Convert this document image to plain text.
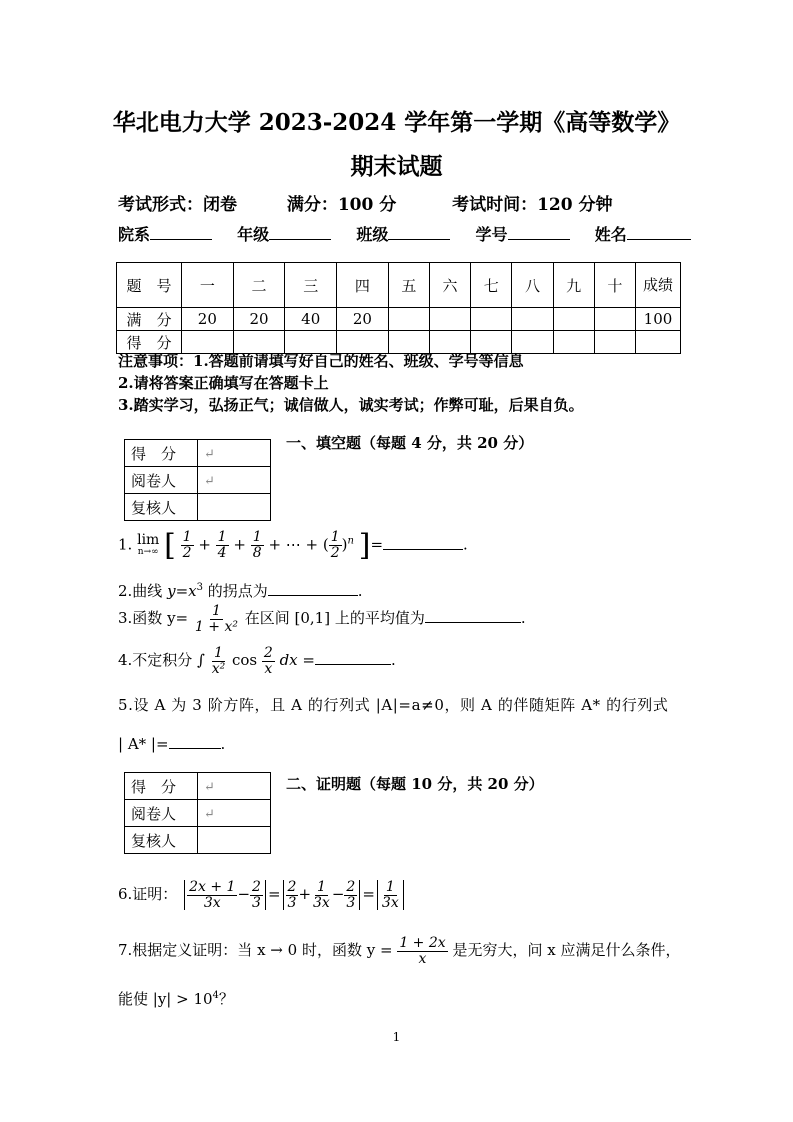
华北电力大学 2023-2024 学年第一学期《高等数学》
期末试题
考试形式：闭卷	满分：100 分	考试时间：120 分钟
院系	年级	班级	学号	姓名
题　号	一	二	三	四	五	六	七	八	九	十	成绩
满　分	20	20	40	20							100
得　分											
注意事项：1.答题前请填写好自己的姓名、班级、学号等信息
2.请将答案正确填写在答题卡上
3.踏实学习，弘扬正气；诚信做人，诚实考试；作弊可耻，后果自负。
得　分	↵
阅卷人	↵
复核人	
一、填空题（每题 4 分，共 20 分）
1. lim
n→∞ [ $\frac{1}{2} + \frac{1}{4} + \frac{1}{8}$ + ⋯ + ( $\frac{1}{2} )^n$ ]=	.
2.曲线 $y=x^3$ 的拐点为	.
3.函数 $y= \frac{1}{\text{1 + x²}}$ 在区间 [0,1] 上的平均值为	.
4.不定积分 ∫ $\frac{1}{\text{x²}}$ $\cos \frac{2}{x}$ dx =	.
5.设 A 为 3 阶方阵，且 A 的行列式 |A|=a≠0，则 A 的伴随矩阵 A* 的行列式
| A* |=	.
得　分	↵
阅卷人	↵
复核人	
二、证明题（每题 10 分，共 20 分）
6.证明： $\frac{2x + 1}{3x} - \frac{2}{3} = \frac{2}{3} + \frac{1}{3x} - \frac{2}{3} = \frac{1}{3x}$
7.根据定义证明：当 x → 0 时，函数 $y = \frac{1 + 2x}{x}$ 是无穷大，问 x 应满足什么条件，
能使 $|y| > 10^4$？
1
